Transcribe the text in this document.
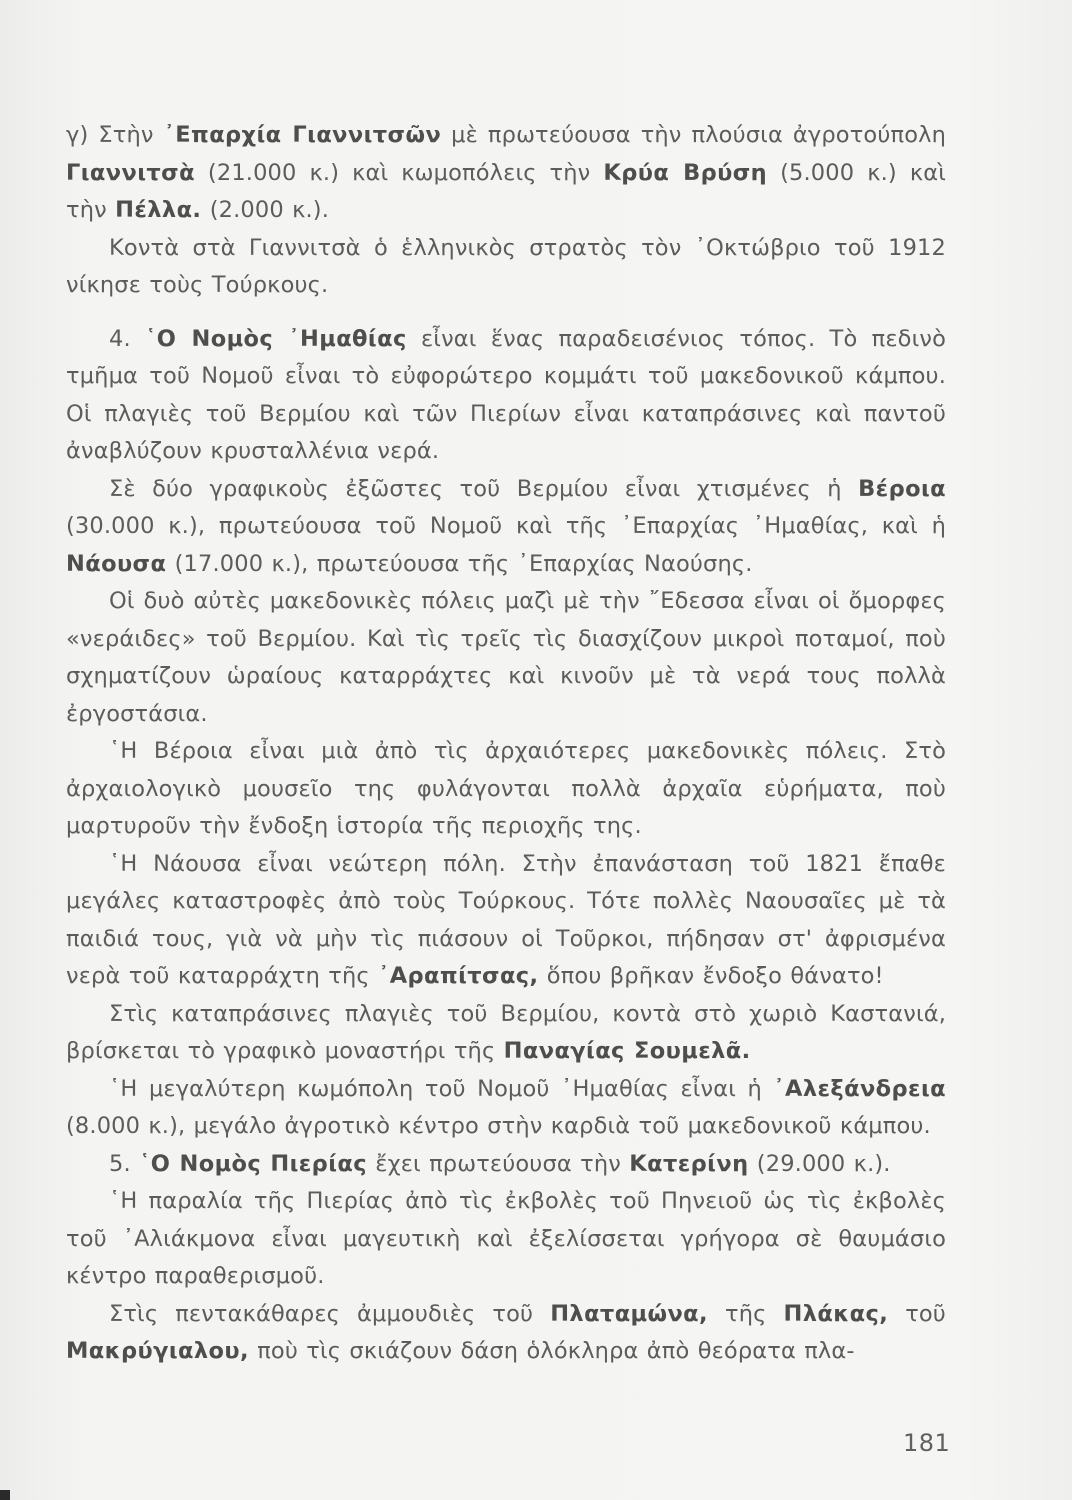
γ) Στὴν ᾿Επαρχία Γιαννιτσῶν μὲ πρωτεύουσα τὴν πλούσια ἀγροτούπολη Γιαννιτσὰ (21.000 κ.) καὶ κωμοπόλεις τὴν Κρύα Βρύση (5.000 κ.) καὶ τὴν Πέλλα. (2.000 κ.).

Κοντὰ στὰ Γιαννιτσὰ ὁ ἑλληνικὸς στρατὸς τὸν ᾿Οκτώβριο τοῦ 1912 νίκησε τοὺς Τούρκους.

4. ῾Ο Νομὸς ᾿Ημαθίας εἶναι ἕνας παραδεισένιος τόπος. Τὸ πεδινὸ τμῆμα τοῦ Νομοῦ εἶναι τὸ εὐφορώτερο κομμάτι τοῦ μακεδονικοῦ κάμπου. Οἱ πλαγιὲς τοῦ Βερμίου καὶ τῶν Πιερίων εἶναι καταπράσινες καὶ παντοῦ ἀναβλύζουν κρυσταλλένια νερά.

Σὲ δύο γραφικοὺς ἐξῶστες τοῦ Βερμίου εἶναι χτισμένες ἡ Βέροια (30.000 κ.), πρωτεύουσα τοῦ Νομοῦ καὶ τῆς ᾿Επαρχίας ᾿Ημαθίας, καὶ ἡ Νάουσα (17.000 κ.), πρωτεύουσα τῆς ᾿Επαρχίας Ναούσης.

Οἱ δυὸ αὐτὲς μακεδονικὲς πόλεις μαζὶ μὲ τὴν ῎Εδεσσα εἶναι οἱ ὄμορφες «νεράιδες» τοῦ Βερμίου. Καὶ τὶς τρεῖς τὶς διασχίζουν μικροὶ ποταμοί, ποὺ σχηματίζουν ὡραίους καταρράχτες καὶ κινοῦν μὲ τὰ νερά τους πολλὰ ἐργοστάσια.

῾Η Βέροια εἶναι μιὰ ἀπὸ τὶς ἀρχαιότερες μακεδονικὲς πόλεις. Στὸ ἀρχαιολογικὸ μουσεῖο της φυλάγονται πολλὰ ἀρχαῖα εὑρήματα, ποὺ μαρτυροῦν τὴν ἔνδοξη ἱστορία τῆς περιοχῆς της.

῾Η Νάουσα εἶναι νεώτερη πόλη. Στὴν ἐπανάσταση τοῦ 1821 ἔπαθε μεγάλες καταστροφὲς ἀπὸ τοὺς Τούρκους. Τότε πολλὲς Ναουσαῖες μὲ τὰ παιδιά τους, γιὰ νὰ μὴν τὶς πιάσουν οἱ Τοῦρκοι, πήδησαν στ' ἀφρισμένα νερὰ τοῦ καταρράχτη τῆς ᾿Αραπίτσας, ὅπου βρῆκαν ἔνδοξο θάνατο!

Στὶς καταπράσινες πλαγιὲς τοῦ Βερμίου, κοντὰ στὸ χωριὸ Καστανιά, βρίσκεται τὸ γραφικὸ μοναστήρι τῆς Παναγίας Σουμελᾶ.

῾Η μεγαλύτερη κωμόπολη τοῦ Νομοῦ ᾿Ημαθίας εἶναι ἡ ᾿Αλεξάνδρεια (8.000 κ.), μεγάλο ἀγροτικὸ κέντρο στὴν καρδιὰ τοῦ μακεδονικοῦ κάμπου.

5. ῾Ο Νομὸς Πιερίας ἔχει πρωτεύουσα τὴν Κατερίνη (29.000 κ.).

῾Η παραλία τῆς Πιερίας ἀπὸ τὶς ἐκβολὲς τοῦ Πηνειοῦ ὡς τὶς ἐκβολὲς τοῦ ᾿Αλιάκμονα εἶναι μαγευτικὴ καὶ ἐξελίσσεται γρήγορα σὲ θαυμάσιο κέντρο παραθερισμοῦ.

Στὶς πεντακάθαρες ἀμμουδιὲς τοῦ Πλαταμώνα, τῆς Πλάκας, τοῦ Μακρύγιαλου, ποὺ τὶς σκιάζουν δάση ὁλόκληρα ἀπὸ θεόρατα πλα-

181
